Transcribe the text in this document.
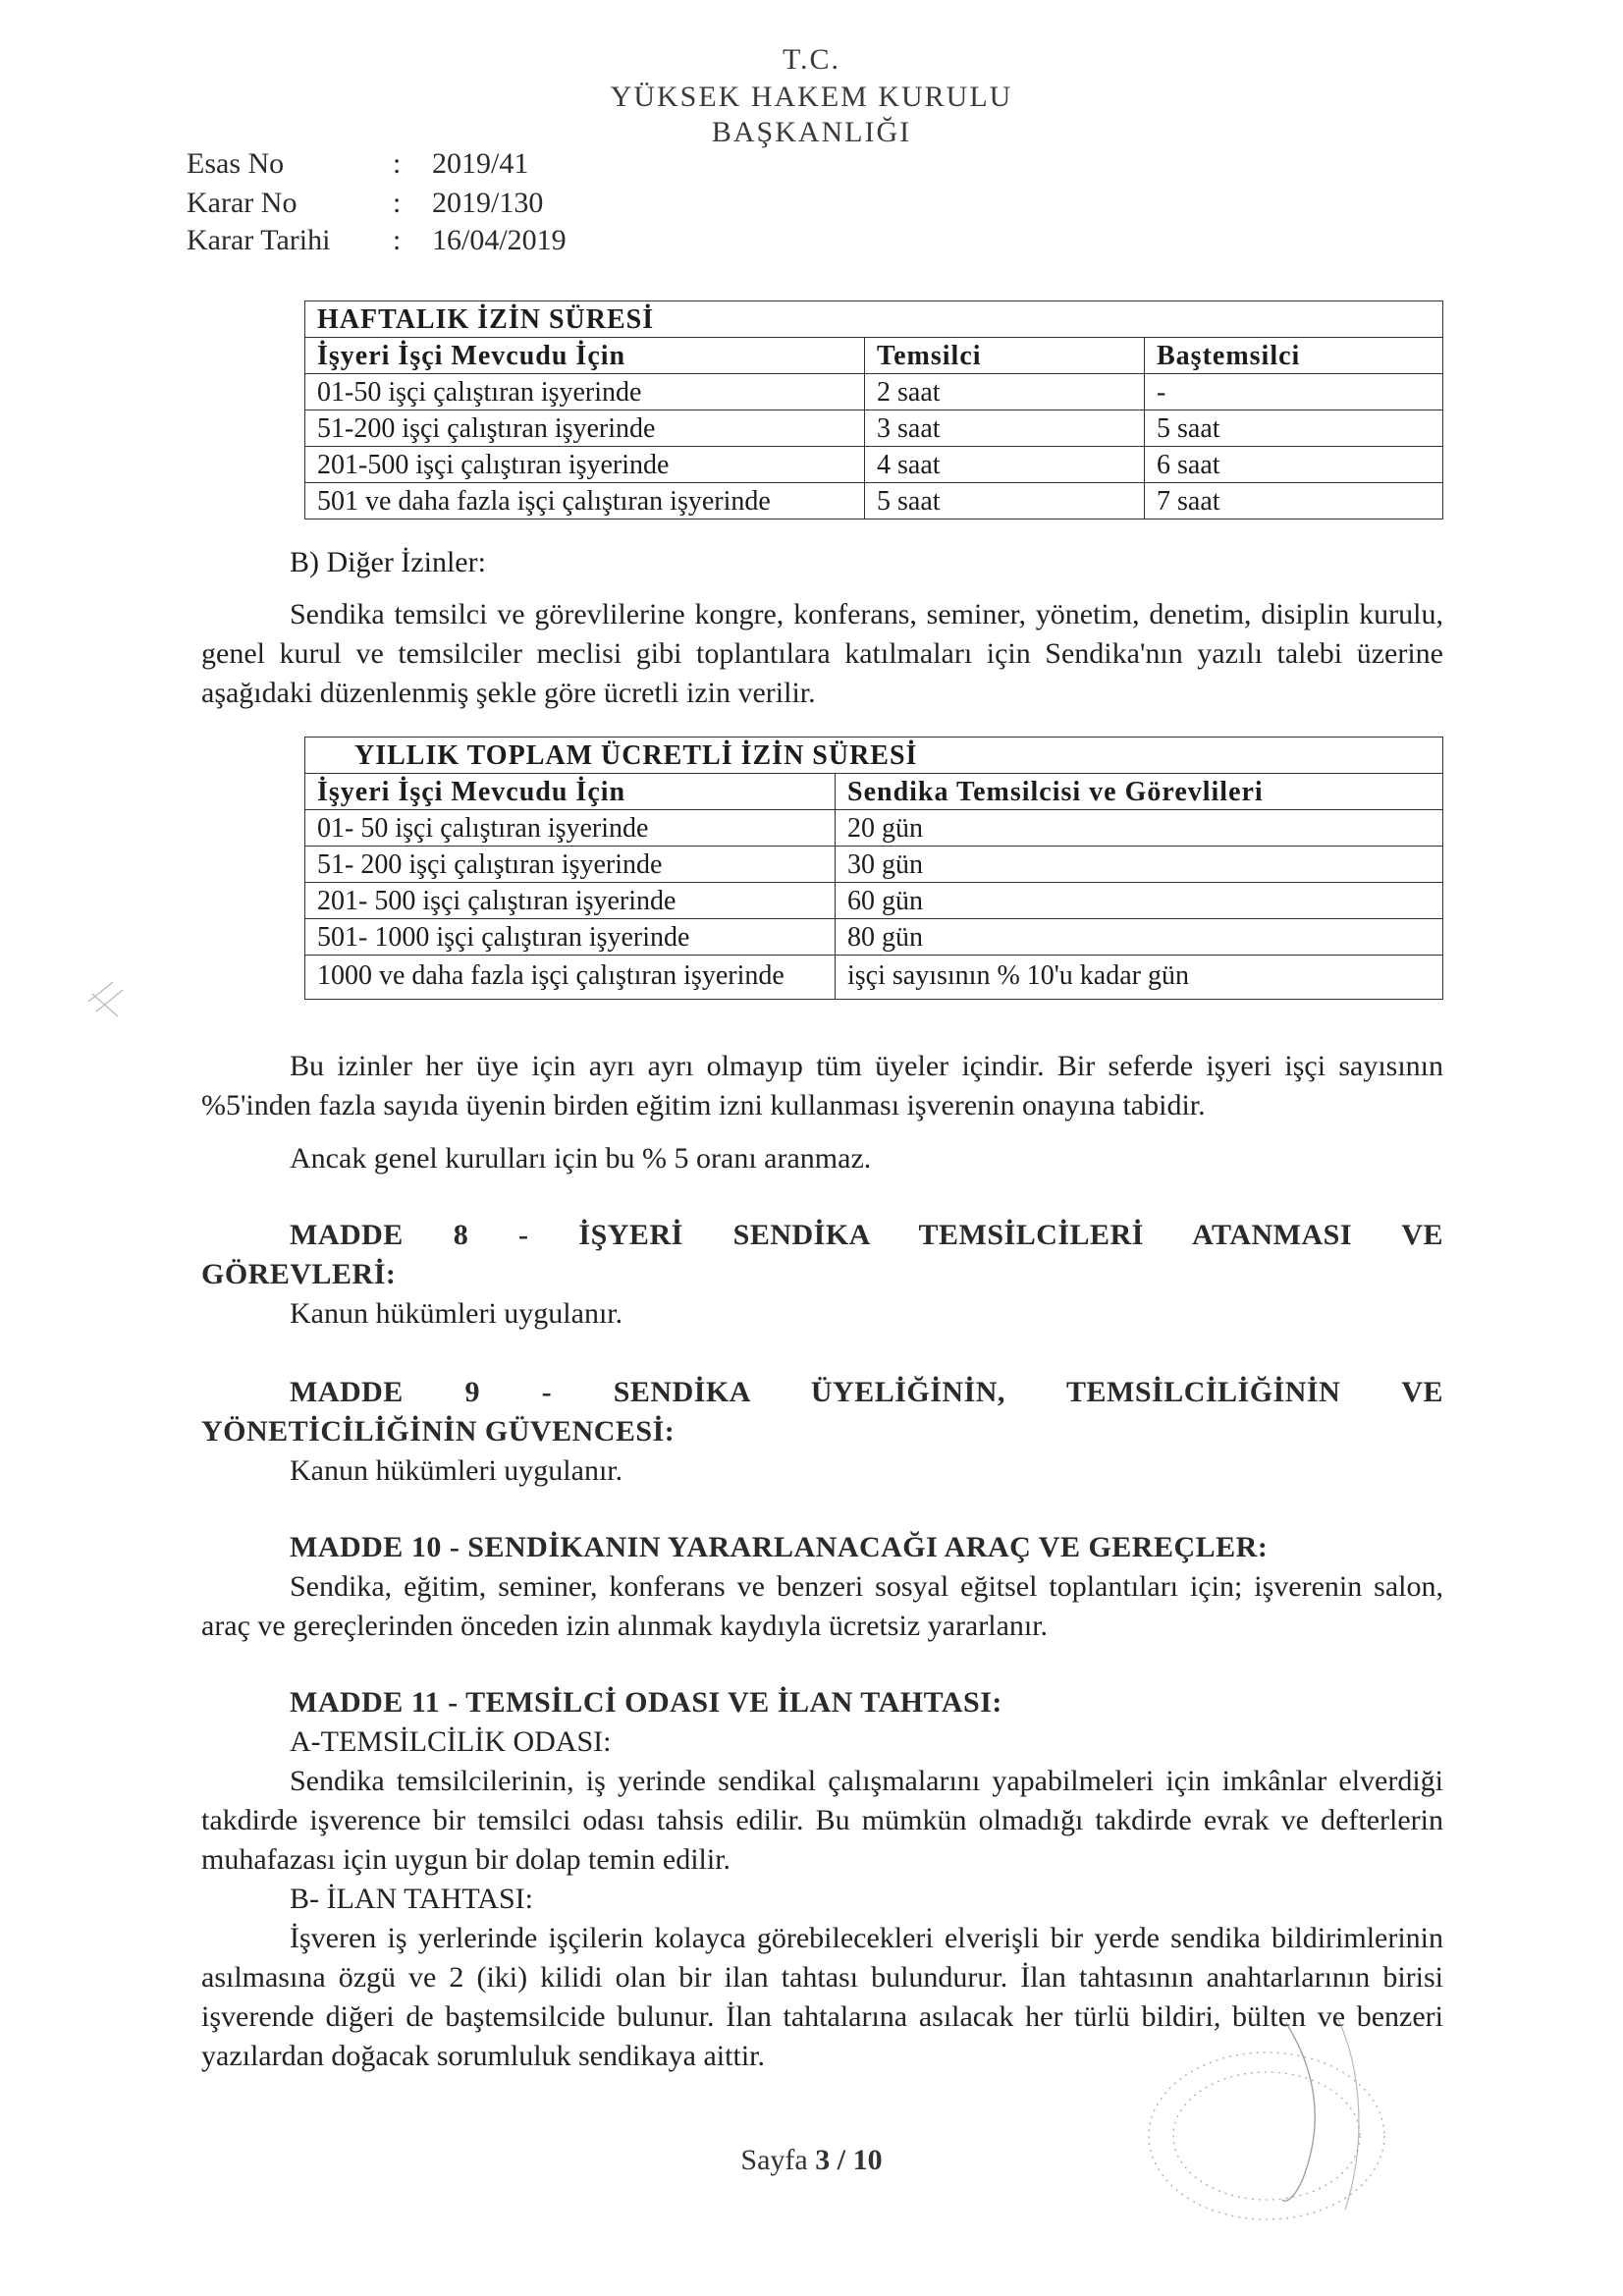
T.C.
YÜKSEK HAKEM KURULU
BAŞKANLIĞI
Esas No	: 2019/41
Karar No	: 2019/130
Karar Tarihi : 16/04/2019
HAFTALIK İZİN SÜRESİ		
İşyeri İşçi Mevcudu İçin	Temsilci	Baştemsilci
01-50 işçi çalıştıran işyerinde	2 saat	-
51-200 işçi çalıştıran işyerinde	3 saat	5 saat
201-500 işçi çalıştıran işyerinde	4 saat	6 saat
501 ve daha fazla işçi çalıştıran işyerinde	5 saat	7 saat
B) Diğer İzinler:
Sendika temsilci ve görevlilerine kongre, konferans, seminer, yönetim, denetim, disiplin kurulu, genel kurul ve temsilciler meclisi gibi toplantılara katılmaları için Sendika'nın yazılı talebi üzerine aşağıdaki düzenlenmiş şekle göre ücretli izin verilir.
YILLIK TOPLAM ÜCRETLİ İZİN SÜRESİ	
İşyeri İşçi Mevcudu İçin	Sendika Temsilcisi ve Görevlileri
01- 50 işçi çalıştıran işyerinde	20 gün
51- 200 işçi çalıştıran işyerinde	30 gün
201- 500 işçi çalıştıran işyerinde	60 gün
501- 1000 işçi çalıştıran işyerinde	80 gün
1000 ve daha fazla işçi çalıştıran işyerinde	işçi sayısının % 10'u kadar gün
Bu izinler her üye için ayrı ayrı olmayıp tüm üyeler içindir. Bir seferde işyeri işçi sayısının %5'inden fazla sayıda üyenin birden eğitim izni kullanması işverenin onayına tabidir.
Ancak genel kurulları için bu % 5 oranı aranmaz.
MADDE 8 - İŞYERİ SENDİKA TEMSİLCİLERİ ATANMASI VE
GÖREVLERİ:
Kanun hükümleri uygulanır.
MADDE 9 - SENDİKA ÜYELİĞİNİN, TEMSİLCİLİĞİNİN VE
YÖNETİCİLİĞİNİN GÜVENCESİ:
Kanun hükümleri uygulanır.
MADDE 10 - SENDİKANIN YARARLANACAĞI ARAÇ VE GEREÇLER:
Sendika, eğitim, seminer, konferans ve benzeri sosyal eğitsel toplantıları için; işverenin salon, araç ve gereçlerinden önceden izin alınmak kaydıyla ücretsiz yararlanır.
MADDE 11 - TEMSİLCİ ODASI VE İLAN TAHTASI:
A-TEMSİLCİLİK ODASI:
Sendika temsilcilerinin, iş yerinde sendikal çalışmalarını yapabilmeleri için imkânlar elverdiği takdirde işverence bir temsilci odası tahsis edilir. Bu mümkün olmadığı takdirde evrak ve defterlerin muhafazası için uygun bir dolap temin edilir.
B- İLAN TAHTASI:
İşveren iş yerlerinde işçilerin kolayca görebilecekleri elverişli bir yerde sendika bildirimlerinin asılmasına özgü ve 2 (iki) kilidi olan bir ilan tahtası bulundurur. İlan tahtasının anahtarlarının birisi işverende diğeri de baştemsilcide bulunur. İlan tahtalarına asılacak her türlü bildiri, bülten ve benzeri yazılardan doğacak sorumluluk sendikaya aittir.
Sayfa 3 / 10
